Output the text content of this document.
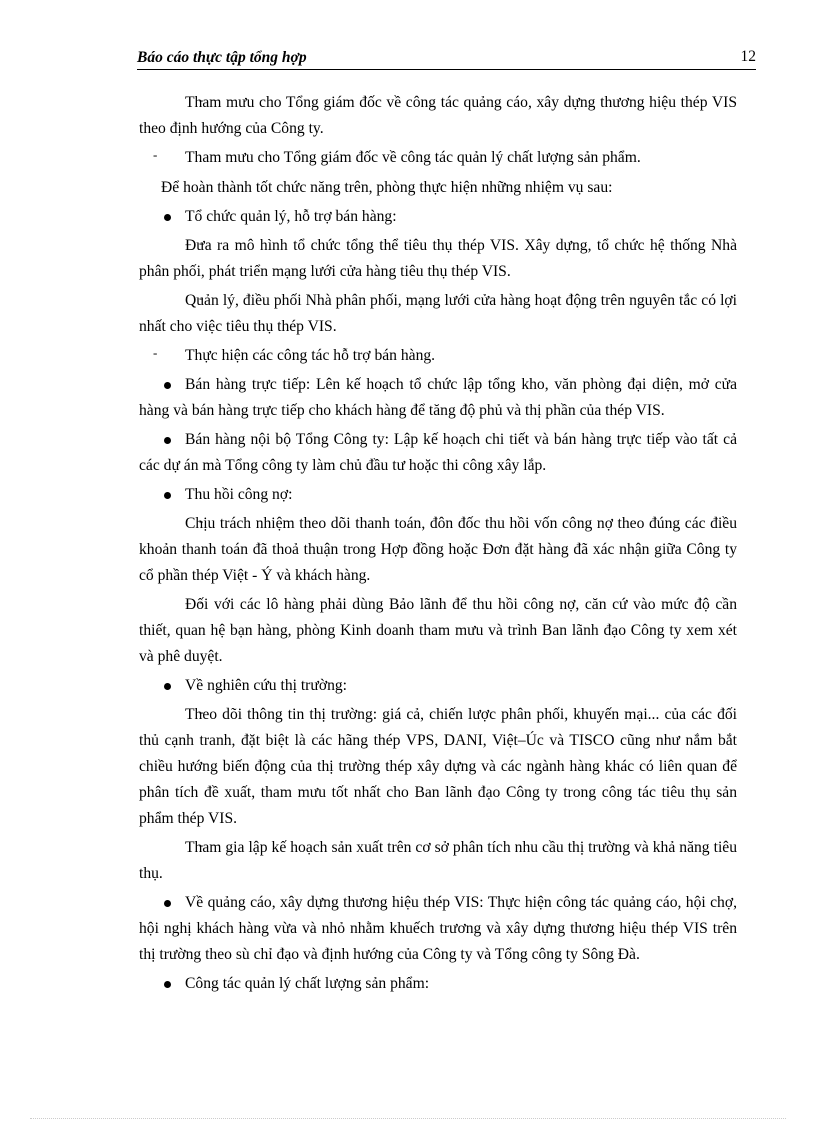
Báo cáo thực tập tổng hợp	12

- Tham mưu cho Tổng giám đốc về công tác quảng cáo, xây dựng thương hiệu thép VIS theo định hướng của Công ty.

- Tham mưu cho Tổng giám đốc về công tác quản lý chất lượng sản phẩm.

Để hoàn thành tốt chức năng trên, phòng thực hiện những nhiệm vụ sau:

Tổ chức quản lý, hỗ trợ bán hàng:

- Đưa ra mô hình tổ chức tổng thể tiêu thụ thép VIS. Xây dựng, tổ chức hệ thống Nhà phân phối, phát triển mạng lưới cửa hàng tiêu thụ thép VIS.

- Quản lý, điều phối Nhà phân phối, mạng lưới cửa hàng hoạt động trên nguyên tắc có lợi nhất cho việc tiêu thụ thép VIS.

- Thực hiện các công tác hỗ trợ bán hàng.

Bán hàng trực tiếp: Lên kế hoạch tổ chức lập tổng kho, văn phòng đại diện, mở cửa hàng và bán hàng trực tiếp cho khách hàng để tăng độ phủ và thị phần của thép VIS.

Bán hàng nội bộ Tổng Công ty: Lập kế hoạch chi tiết và bán hàng trực tiếp vào tất cả các dự án mà Tổng công ty làm chủ đầu tư hoặc thi công xây lắp.

Thu hồi công nợ:

- Chịu trách nhiệm theo dõi thanh toán, đôn đốc thu hồi vốn công nợ theo đúng các điều khoản thanh toán đã thoả thuận trong Hợp đồng hoặc Đơn đặt hàng đã xác nhận giữa Công ty cổ phần thép Việt - Ý và khách hàng.

- Đối với các lô hàng phải dùng Bảo lãnh để thu hồi công nợ, căn cứ vào mức độ cần thiết, quan hệ bạn hàng, phòng Kinh doanh tham mưu và trình Ban lãnh đạo Công ty xem xét và phê duyệt.

Về nghiên cứu thị trường:

- Theo dõi thông tin thị trường: giá cả, chiến lược phân phối, khuyến mại... của các đối thủ cạnh tranh, đặt biệt là các hãng thép VPS, DANI, Việt–Úc và TISCO cũng như nắm bắt chiều hướng biến động của thị trường thép xây dựng và các ngành hàng khác có liên quan để phân tích đề xuất, tham mưu tốt nhất cho Ban lãnh đạo Công ty trong công tác tiêu thụ sản phẩm thép VIS.

- Tham gia lập kế hoạch sản xuất trên cơ sở phân tích nhu cầu thị trường và khả năng tiêu thụ.

Về quảng cáo, xây dựng thương hiệu thép VIS: Thực hiện công tác quảng cáo, hội chợ, hội nghị khách hàng vừa và nhỏ nhằm khuếch trương và xây dựng thương hiệu thép VIS trên thị trường theo sù chỉ đạo và định hướng của Công ty và Tổng công ty Sông Đà.

Công tác quản lý chất lượng sản phẩm:
